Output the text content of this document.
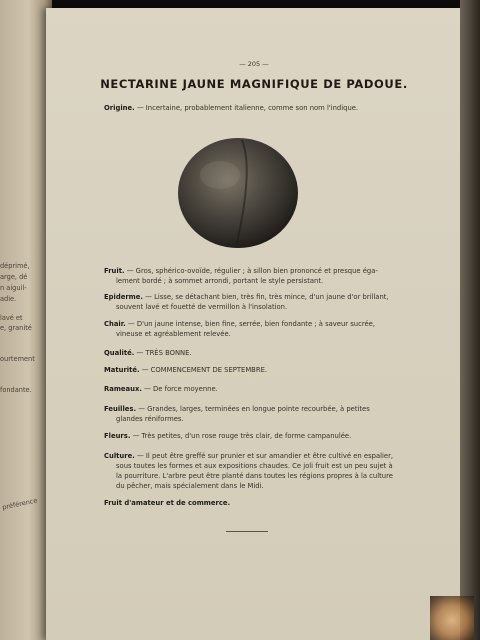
déprimé,
arge, dé
n aiguil-
adie.
lavé et
e, granité
ourtement
fondante.
préférence
— 205 —
NECTARINE JAUNE MAGNIFIQUE DE PADOUE.
Origine. — Incertaine, probablement italienne, comme son nom l'indique.
Fruit. — Gros, sphérico-ovoïde, régulier ; à sillon bien prononcé et presque éga-
lement bordé ; à sommet arrondi, portant le style persistant.
Epiderme. — Lisse, se détachant bien, très fin, très mince, d'un jaune d'or brillant,
souvent lavé et fouetté de vermillon à l'insolation.
Chair. — D'un jaune intense, bien fine, serrée, bien fondante ; à saveur sucrée,
vineuse et agréablement relevée.
Qualité. — TRÈS BONNE.
Maturité. — COMMENCEMENT DE SEPTEMBRE.
Rameaux. — De force moyenne.
Feuilles. — Grandes, larges, terminées en longue pointe recourbée, à petites
glandes réniformes.
Fleurs. — Très petites, d'un rose rouge très clair, de forme campanulée.
Culture. — Il peut être greffé sur prunier et sur amandier et être cultivé en espalier,
sous toutes les formes et aux expositions chaudes. Ce joli fruit est un peu sujet à
la pourriture. L'arbre peut être planté dans toutes les régions propres à la culture
du pêcher, mais spécialement dans le Midi.
Fruit d'amateur et de commerce.
